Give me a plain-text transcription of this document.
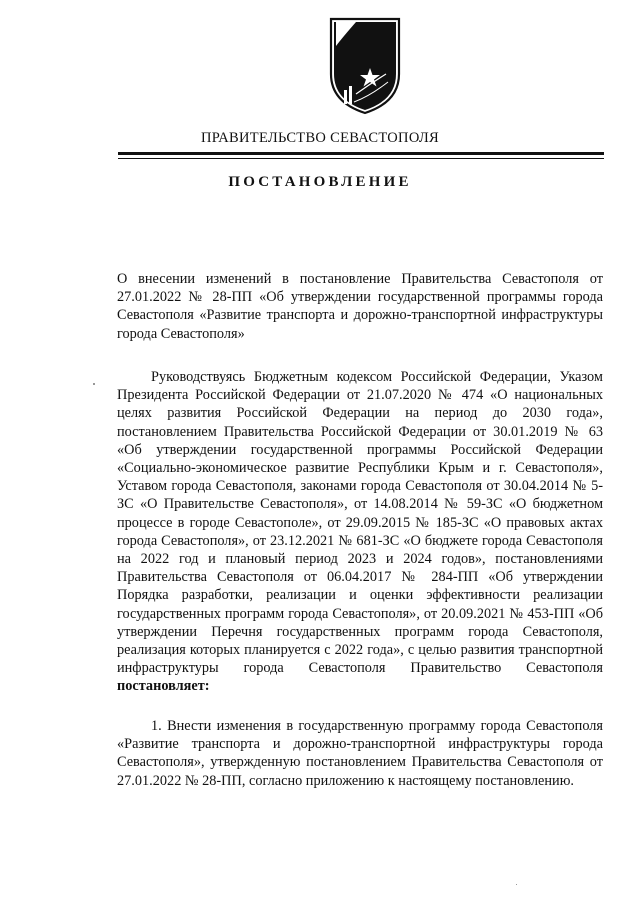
ПРАВИТЕЛЬСТВО СЕВАСТОПОЛЯ
ПОСТАНОВЛЕНИЕ
О внесении изменений в постановление Правительства Севастополя от 27.01.2022 № 28-ПП «Об утверждении государственной программы города Севастополя «Развитие транспорта и дорожно-транспортной инфраструктуры города Севастополя»
Руководствуясь Бюджетным кодексом Российской Федерации, Указом Президента Российской Федерации от 21.07.2020 № 474 «О национальных целях развития Российской Федерации на период до 2030 года», постановлением Правительства Российской Федерации от 30.01.2019 № 63 «Об утверждении государственной программы Российской Федерации «Социально-экономическое развитие Республики Крым и г. Севастополя», Уставом города Севастополя, законами города Севастополя от 30.04.2014 № 5-ЗС «О Правительстве Севастополя», от 14.08.2014 № 59-ЗС «О бюджетном процессе в городе Севастополе», от 29.09.2015 № 185-ЗС «О правовых актах города Севастополя», от 23.12.2021 № 681-ЗС «О бюджете города Севастополя на 2022 год и плановый период 2023 и 2024 годов», постановлениями Правительства Севастополя от 06.04.2017 № 284-ПП «Об утверждении Порядка разработки, реализации и оценки эффективности реализации государственных программ города Севастополя», от 20.09.2021 № 453-ПП «Об утверждении Перечня государственных программ города Севастополя, реализация которых планируется с 2022 года», с целью развития транспортной инфраструктуры города Севастополя Правительство Севастополя постановляет:
1. Внести изменения в государственную программу города Севастополя «Развитие транспорта и дорожно-транспортной инфраструктуры города Севастополя», утвержденную постановлением Правительства Севастополя от 27.01.2022 № 28-ПП, согласно приложению к настоящему постановлению.
